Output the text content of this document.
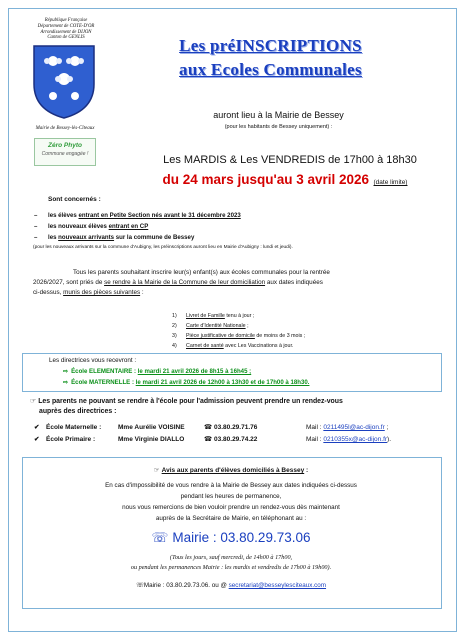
République Française
Département de COTE-D'OR
Arrondissement de DIJON
Canton de GENLIS
Mairie de Bessey-lès-Cîteaux
Zéro Phyto
Commune engagée !
Les préINSCRIPTIONS
aux Ecoles Communales
auront lieu à la Mairie de Bessey
(pour les habitants de Bessey uniquement) :
Les MARDIS & Les VENDREDIS de 17h00 à 18h30
du 24 mars jusqu'au 3 avril 2026 (date limite)
Sont concernés :
– les élèves entrant en Petite Section nés avant le 31 décembre 2023
– les nouveaux élèves entrant en CP
– les nouveaux arrivants sur la commune de Bessey
(pour les nouveaux arrivants sur la commune d'Aubigny, les préinscriptions auront lieu en Mairie d'Aubigny : lundi et jeudi).
Tous les parents souhaitant inscrire leur(s) enfant(s) aux écoles communales pour la rentrée
2026/2027, sont priés de se rendre à la Mairie de la Commune de leur domiciliation aux dates indiquées
ci-dessus, munis des pièces suivantes :
1) Livret de Famille tenu à jour ;
2) Carte d'Identité Nationale ;
3) Pièce justificative de domicile de moins de 3 mois ;
4) Carnet de santé avec Les Vaccinations à jour.
Les directrices vous recevront :
⇨ École ELEMENTAIRE : le mardi 21 avril 2026 de 8h15 à 16h45 ;
⇨ École MATERNELLE : le mardi 21 avril 2026 de 12h00 à 13h30 et de 17h00 à 18h30.
☞ Les parents ne pouvant se rendre à l'école pour l'admission peuvent prendre un rendez-vous
auprès des directrices :
✔ École Maternelle :	Mme Aurélie VOISINE	☎ 03.80.29.71.76	Mail : 0211495l@ac-dijon.fr ;
✔ École Primaire :	Mme Virginie DIALLO	☎ 03.80.29.74.22	Mail : 0210355x@ac-dijon.fr).
☞ Avis aux parents d'élèves domiciliés à Bessey :
En cas d'impossibilité de vous rendre à la Mairie de Bessey aux dates indiquées ci-dessus
pendant les heures de permanence,
nous vous remercions de bien vouloir prendre un rendez-vous dès maintenant
auprès de la Secrétaire de Mairie, en téléphonant au :
☏ Mairie : 03.80.29.73.06
(Tous les jours, sauf mercredi, de 14h00 à 17h00,
ou pendant les permanences Mairie : les mardis et vendredis de 17h00 à 19h00).
☏Mairie : 03.80.29.73.06. ou @ secretariat@besseylesciteaux.com
